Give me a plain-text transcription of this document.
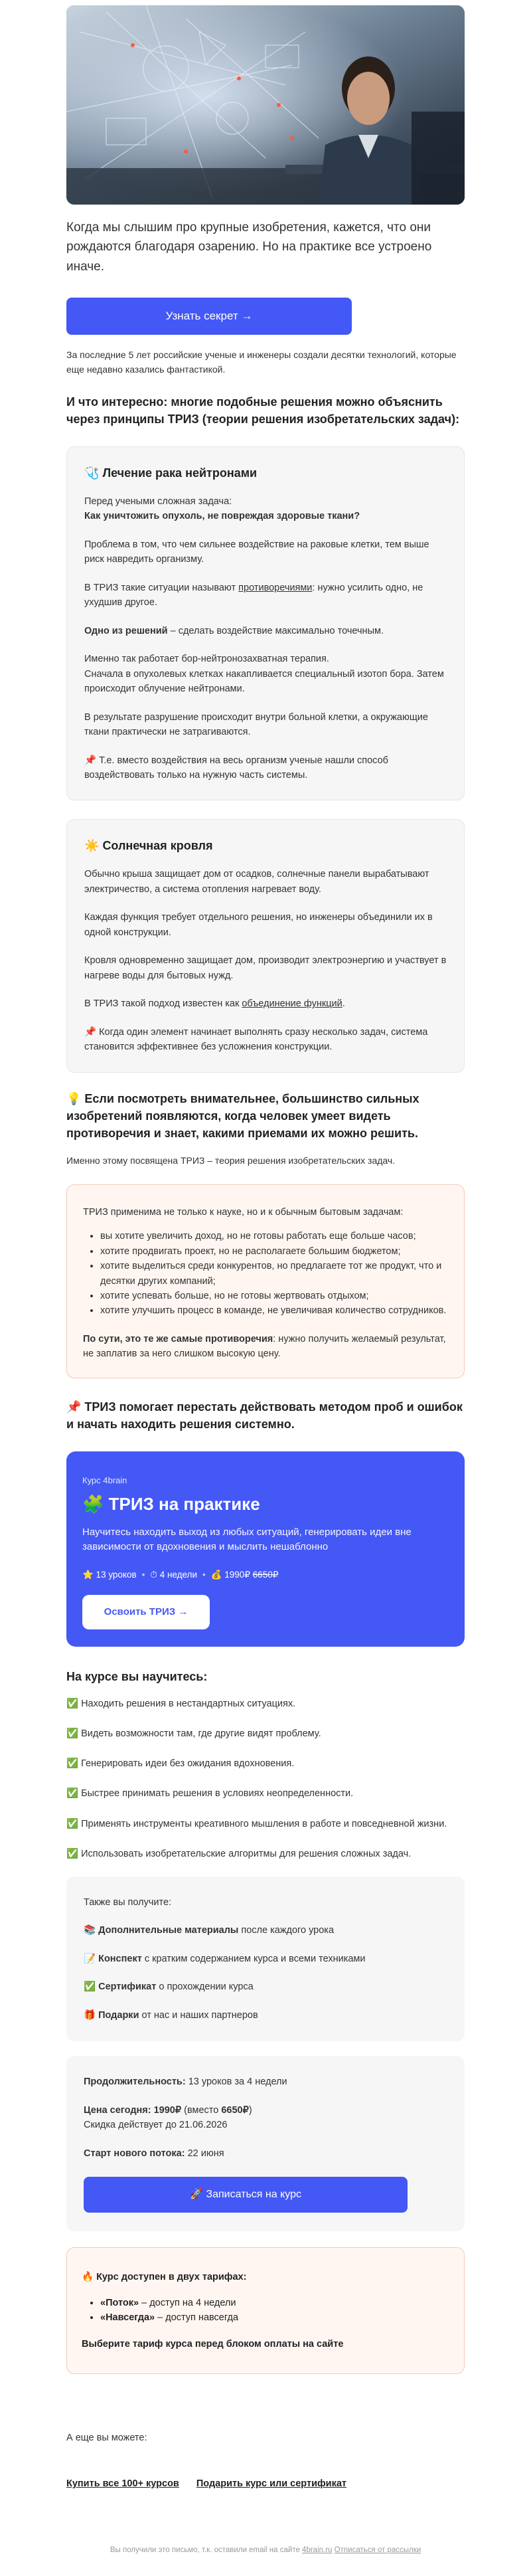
Когда мы слышим про крупные изобретения, кажется, что они рождаются благодаря озарению. Но на практике все устроено иначе.

Узнать секрет →

За последние 5 лет российские ученые и инженеры создали десятки технологий, которые еще недавно казались фантастикой.

И что интересно: многие подобные решения можно объяснить через принципы ТРИЗ (теории решения изобретательских задач):

🩺 Лечение рака нейтронами

Перед учеными сложная задача:
Как уничтожить опухоль, не повреждая здоровые ткани?

Проблема в том, что чем сильнее воздействие на раковые клетки, тем выше риск навредить организму.

В ТРИЗ такие ситуации называют противоречиями: нужно усилить одно, не ухудшив другое.

Одно из решений – сделать воздействие максимально точечным.

Именно так работает бор-нейтронозахватная терапия.
Сначала в опухолевых клетках накапливается специальный изотоп бора. Затем происходит облучение нейтронами.

В результате разрушение происходит внутри больной клетки, а окружающие ткани практически не затрагиваются.

📌 Т.е. вместо воздействия на весь организм ученые нашли способ воздействовать только на нужную часть системы.

☀️ Солнечная кровля

Обычно крыша защищает дом от осадков, солнечные панели вырабатывают электричество, а система отопления нагревает воду.

Каждая функция требует отдельного решения, но инженеры объединили их в одной конструкции.

Кровля одновременно защищает дом, производит электроэнергию и участвует в нагреве воды для бытовых нужд.

В ТРИЗ такой подход известен как объединение функций.

📌 Когда один элемент начинает выполнять сразу несколько задач, система становится эффективнее без усложнения конструкции.

💡 Если посмотреть внимательнее, большинство сильных изобретений появляются, когда человек умеет видеть противоречия и знает, какими приемами их можно решить.

Именно этому посвящена ТРИЗ – теория решения изобретательских задач.

ТРИЗ применима не только к науке, но и к обычным бытовым задачам:

• вы хотите увеличить доход, но не готовы работать еще больше часов;
• хотите продвигать проект, но не располагаете большим бюджетом;
• хотите выделиться среди конкурентов, но предлагаете тот же продукт, что и десятки других компаний;
• хотите успевать больше, но не готовы жертвовать отдыхом;
• хотите улучшить процесс в команде, не увеличивая количество сотрудников.

По сути, это те же самые противоречия: нужно получить желаемый результат, не заплатив за него слишком высокую цену.

📌 ТРИЗ помогает перестать действовать методом проб и ошибок и начать находить решения системно.

Курс 4brain
🧩 ТРИЗ на практике
Научитесь находить выход из любых ситуаций, генерировать идеи вне зависимости от вдохновения и мыслить нешаблонно
⭐ 13 уроков • ⏱ 4 недели • 💰 1990₽ 6650₽
Освоить ТРИЗ →
На курсе вы научитесь:
✅ Находить решения в нестандартных ситуациях.
✅ Видеть возможности там, где другие видят проблему.
✅ Генерировать идеи без ожидания вдохновения.
✅ Быстрее принимать решения в условиях неопределенности.
✅ Применять инструменты креативного мышления в работе и повседневной жизни.
✅ Использовать изобретательские алгоритмы для решения сложных задач.

Также вы получите:

📚 Дополнительные материалы после каждого урока

📝 Конспект с кратким содержанием курса и всеми техниками

✅ Сертификат о прохождении курса

🎁 Подарки от нас и наших партнеров

Продолжительность: 13 уроков за 4 недели

Цена сегодня: 1990₽ (вместо 6650₽)
Скидка действует до 21.06.2026

Старт нового потока: 22 июня

🚀 Записаться на курс
🔥 Курс доступен в двух тарифах:
• «Поток» – доступ на 4 недели
• «Навсегда» – доступ навсегда
Выберите тариф курса перед блоком оплаты на сайте

А еще вы можете:

Купить все 100+ курсов Подарить курс или сертификат

Вы получили это письмо, т.к. оставили email на сайте 4brain.ru Отписаться от рассылки
